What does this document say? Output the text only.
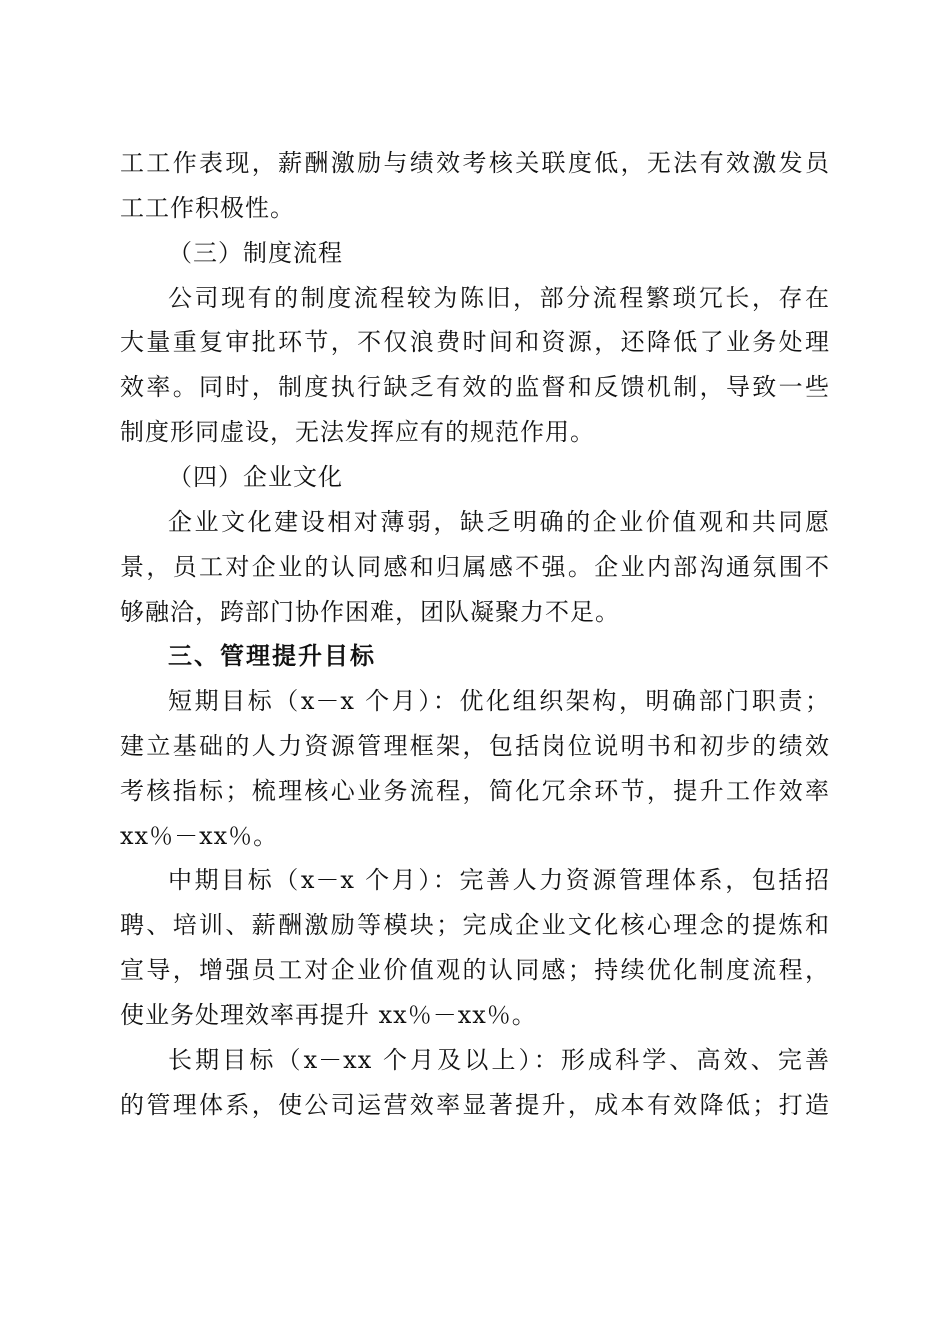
工工作表现，薪酬激励与绩效考核关联度低，无法有效激发员
工工作积极性。
（三）制度流程
公司现有的制度流程较为陈旧，部分流程繁琐冗长，存在
大量重复审批环节，不仅浪费时间和资源，还降低了业务处理
效率。同时，制度执行缺乏有效的监督和反馈机制，导致一些
制度形同虚设，无法发挥应有的规范作用。
（四）企业文化
企业文化建设相对薄弱，缺乏明确的企业价值观和共同愿
景，员工对企业的认同感和归属感不强。企业内部沟通氛围不
够融洽，跨部门协作困难，团队凝聚力不足。
三、管理提升目标
短期目标（x－x 个月）：优化组织架构，明确部门职责；
建立基础的人力资源管理框架，包括岗位说明书和初步的绩效
考核指标；梳理核心业务流程，简化冗余环节，提升工作效率
xx％－xx％。
中期目标（x－x 个月）：完善人力资源管理体系，包括招
聘、培训、薪酬激励等模块；完成企业文化核心理念的提炼和
宣导，增强员工对企业价值观的认同感；持续优化制度流程，
使业务处理效率再提升 xx％－xx％。
长期目标（x－xx 个月及以上）：形成科学、高效、完善
的管理体系，使公司运营效率显著提升，成本有效降低；打造
